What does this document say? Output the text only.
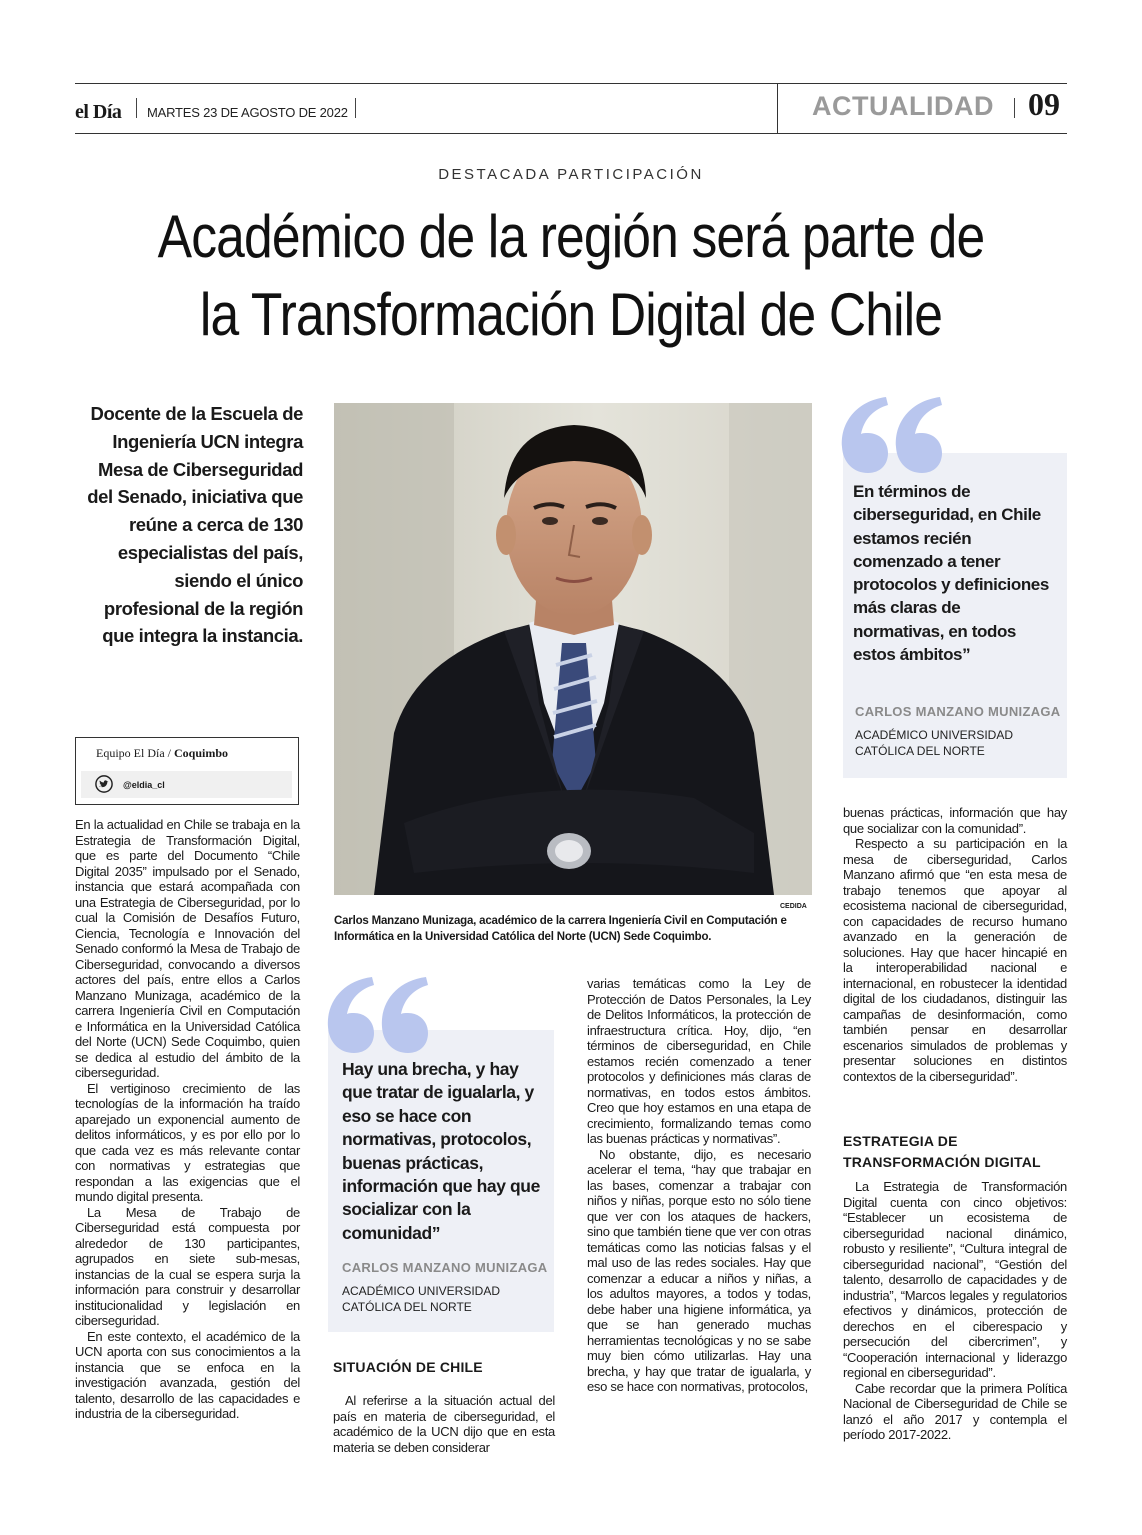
el Día MARTES 23 DE AGOSTO DE 2022	ACTUALIDAD 09
DESTACADA PARTICIPACIÓN
Académico de la región será parte de
la Transformación Digital de Chile
Docente de la Escuela de Ingeniería UCN integra Mesa de Ciberseguridad del Senado, iniciativa que reúne a cerca de 130 especialistas del país, siendo el único profesional de la región que integra la instancia.
Equipo El Día / Coquimbo
@eldia_cl

En la actualidad en Chile se trabaja en la Estrategia de Transformación Digital, que es parte del Documento “Chile Digital 2035” impulsado por el Senado, instancia que estará acompañada con una Estrategia de Ciberseguridad, por lo cual la Comisión de Desafíos Futuro, Ciencia, Tecnología e Innovación del Senado conformó la Mesa de Trabajo de Ciberseguridad, convocando a diversos actores del país, entre ellos a Carlos Manzano Munizaga, académico de la carrera Ingeniería Civil en Computación e Informática en la Universidad Católica del Norte (UCN) Sede Coquimbo, quien se dedica al estudio del ámbito de la ciberseguridad.

El vertiginoso crecimiento de las tecnologías de la información ha traído aparejado un exponencial aumento de delitos informáticos, y es por ello por lo que cada vez es más relevante contar con normativas y estrategias que respondan a las exigencias que el mundo digital presenta.

La Mesa de Trabajo de Ciberseguridad está compuesta por alrededor de 130 participantes, agrupados en siete sub-mesas, instancias de la cual se espera surja la información para construir y desarrollar institucionalidad y legislación en ciberseguridad.

En este contexto, el académico de la UCN aporta con sus conocimientos a la instancia que se enfoca en la investigación avanzada, gestión del talento, desarrollo de las capacidades e industria de la ciberseguridad.

CEDIDA
Carlos Manzano Munizaga, académico de la carrera Ingeniería Civil en Computación e Informática en la Universidad Católica del Norte (UCN) Sede Coquimbo.
En términos de ciberseguridad, en Chile estamos recién comenzado a tener protocolos y definiciones más claras de normativas, en todos estos ámbitos”
CARLOS MANZANO MUNIZAGA
ACADÉMICO UNIVERSIDAD CATÓLICA DEL NORTE
Hay una brecha, y hay que tratar de igualarla, y eso se hace con normativas, protocolos, buenas prácticas, información que hay que socializar con la comunidad”
CARLOS MANZANO MUNIZAGA
ACADÉMICO UNIVERSIDAD CATÓLICA DEL NORTE
SITUACIÓN DE CHILE

Al referirse a la situación actual del país en materia de ciberseguridad, el académico de la UCN dijo que en esta materia se deben considerar

varias temáticas como la Ley de Protección de Datos Personales, la Ley de Delitos Informáticos, la protección de infraestructura crítica. Hoy, dijo, “en términos de ciberseguridad, en Chile estamos recién comenzado a tener protocolos y definiciones más claras de normativas, en todos estos ámbitos. Creo que hoy estamos en una etapa de crecimiento, formalizando temas como las buenas prácticas y normativas”.

No obstante, dijo, es necesario acelerar el tema, “hay que trabajar en las bases, comenzar a trabajar con niños y niñas, porque esto no sólo tiene que ver con los ataques de hackers, sino que también tiene que ver con otras temáticas como las noticias falsas y el mal uso de las redes sociales. Hay que comenzar a educar a niños y niñas, a los adultos mayores, a todos y todas, debe haber una higiene informática, ya que se han generado muchas herramientas tecnológicas y no se sabe muy bien cómo utilizarlas. Hay una brecha, y hay que tratar de igualarla, y eso se hace con normativas, protocolos,

buenas prácticas, información que hay que socializar con la comunidad”.

Respecto a su participación en la mesa de ciberseguridad, Carlos Manzano afirmó que “en esta mesa de trabajo tenemos que apoyar al ecosistema nacional de ciberseguridad, con capacidades de recurso humano avanzado en la generación de soluciones. Hay que hacer hincapié en la interoperabilidad nacional e internacional, en robustecer la identidad digital de los ciudadanos, distinguir las campañas de desinformación, como también pensar en desarrollar escenarios simulados de problemas y presentar soluciones en distintos contextos de la ciberseguridad”.

ESTRATEGIA DE
TRANSFORMACIÓN DIGITAL

La Estrategia de Transformación Digital cuenta con cinco objetivos: “Establecer un ecosistema de ciberseguridad nacional dinámico, robusto y resiliente”, “Cultura integral de ciberseguridad nacional”, “Gestión del talento, desarrollo de capacidades y de industria”, “Marcos legales y regulatorios efectivos y dinámicos, protección de derechos en el ciberespacio y persecución del cibercrimen”, y “Cooperación internacional y liderazgo regional en ciberseguridad”.

Cabe recordar que la primera Política Nacional de Ciberseguridad de Chile se lanzó el año 2017 y contempla el período 2017-2022.
